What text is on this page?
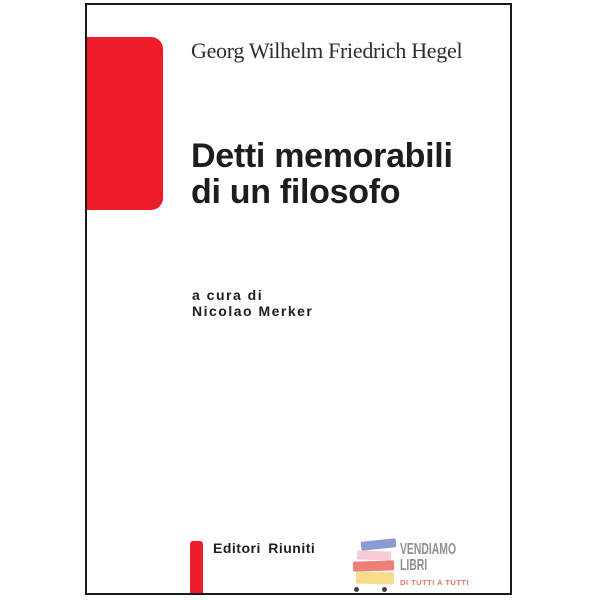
Georg Wilhelm Friedrich Hegel
Detti memorabili
di un filosofo
a cura di
Nicolao Merker
Editori Riuniti	VENDIAMO
LIBRI
DI TUTTI A TUTTI
